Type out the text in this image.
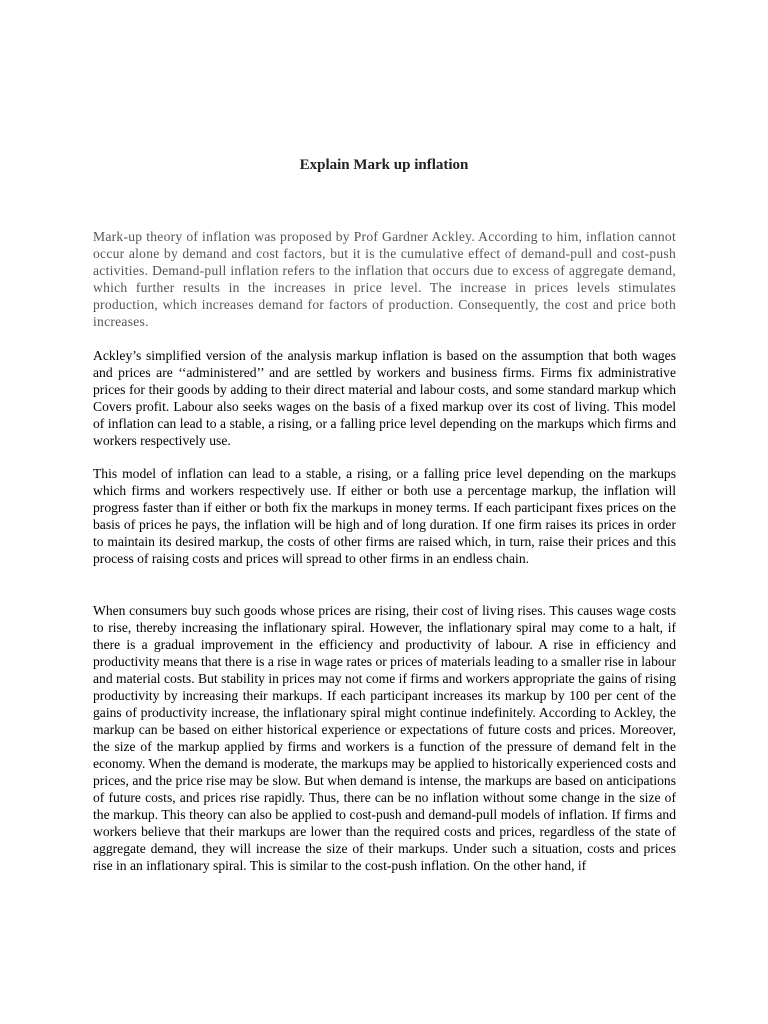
Explain Mark up inflation

Mark-up theory of inflation was proposed by Prof Gardner Ackley. According to him, inflation cannot occur alone by demand and cost factors, but it is the cumulative effect of demand-pull and cost-push activities. Demand-pull inflation refers to the inflation that occurs due to excess of aggregate demand, which further results in the increases in price level. The increase in prices levels stimulates production, which increases demand for factors of production. Consequently, the cost and price both increases.

Ackley’s simplified version of the analysis markup inflation is based on the assumption that both wages and prices are ‘‘administered’’ and are settled by workers and business firms. Firms fix administrative prices for their goods by adding to their direct material and labour costs, and some standard markup which Covers profit. Labour also seeks wages on the basis of a fixed markup over its cost of living. This model of inflation can lead to a stable, a rising, or a falling price level depending on the markups which firms and workers respectively use.

This model of inflation can lead to a stable, a rising, or a falling price level depending on the markups which firms and workers respectively use. If either or both use a percentage markup, the inflation will progress faster than if either or both fix the markups in money terms. If each participant fixes prices on the basis of prices he pays, the inflation will be high and of long duration. If one firm raises its prices in order to maintain its desired markup, the costs of other firms are raised which, in turn, raise their prices and this process of raising costs and prices will spread to other firms in an endless chain.

When consumers buy such goods whose prices are rising, their cost of living rises. This causes wage costs to rise, thereby increasing the inflationary spiral. However, the inflationary spiral may come to a halt, if there is a gradual improvement in the efficiency and productivity of labour. A rise in efficiency and productivity means that there is a rise in wage rates or prices of materials leading to a smaller rise in labour and material costs. But stability in prices may not come if firms and workers appropriate the gains of rising productivity by increasing their markups. If each participant increases its markup by 100 per cent of the gains of productivity increase, the inflationary spiral might continue indefinitely. According to Ackley, the markup can be based on either historical experience or expectations of future costs and prices. Moreover, the size of the markup applied by firms and workers is a function of the pressure of demand felt in the economy. When the demand is moderate, the markups may be applied to historically experienced costs and prices, and the price rise may be slow. But when demand is intense, the markups are based on anticipations of future costs, and prices rise rapidly. Thus, there can be no inflation without some change in the size of the markup. This theory can also be applied to cost-push and demand-pull models of inflation. If firms and workers believe that their markups are lower than the required costs and prices, regardless of the state of aggregate demand, they will increase the size of their markups. Under such a situation, costs and prices rise in an inflationary spiral. This is similar to the cost-push inflation. On the other hand, if
